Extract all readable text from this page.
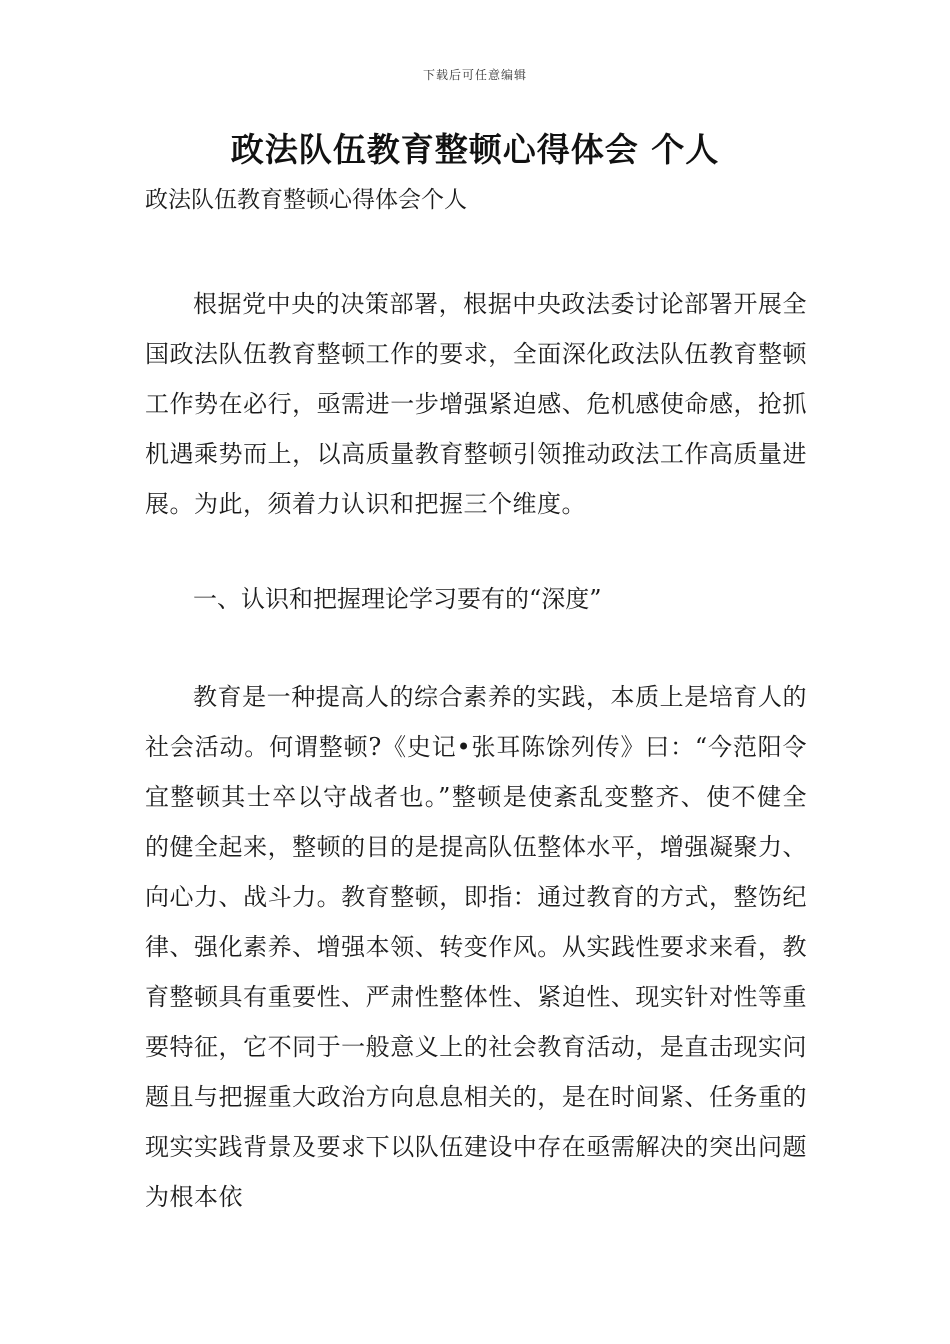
下载后可任意编辑
政法队伍教育整顿心得体会 个人

政法队伍教育整顿心得体会个人

根据党中央的决策部署，根据中央政法委讨论部署开展全国政法队伍教育整顿工作的要求，全面深化政法队伍教育整顿工作势在必行，亟需进一步增强紧迫感、危机感使命感，抢抓机遇乘势而上，以高质量教育整顿引领推动政法工作高质量进展。为此，须着力认识和把握三个维度。

一、认识和把握理论学习要有的“深度”

教育是一种提高人的综合素养的实践，本质上是培育人的社会活动。何谓整顿?《史记•张耳陈馀列传》曰：“今范阳令宜整顿其士卒以守战者也。”整顿是使紊乱变整齐、使不健全的健全起来，整顿的目的是提高队伍整体水平，增强凝聚力、向心力、战斗力。教育整顿，即指：通过教育的方式，整饬纪律、强化素养、增强本领、转变作风。从实践性要求来看，教育整顿具有重要性、严肃性整体性、紧迫性、现实针对性等重要特征，它不同于一般意义上的社会教育活动，是直击现实问题且与把握重大政治方向息息相关的，是在时间紧、任务重的现实实践背景及要求下以队伍建设中存在亟需解决的突出问题为根本依
